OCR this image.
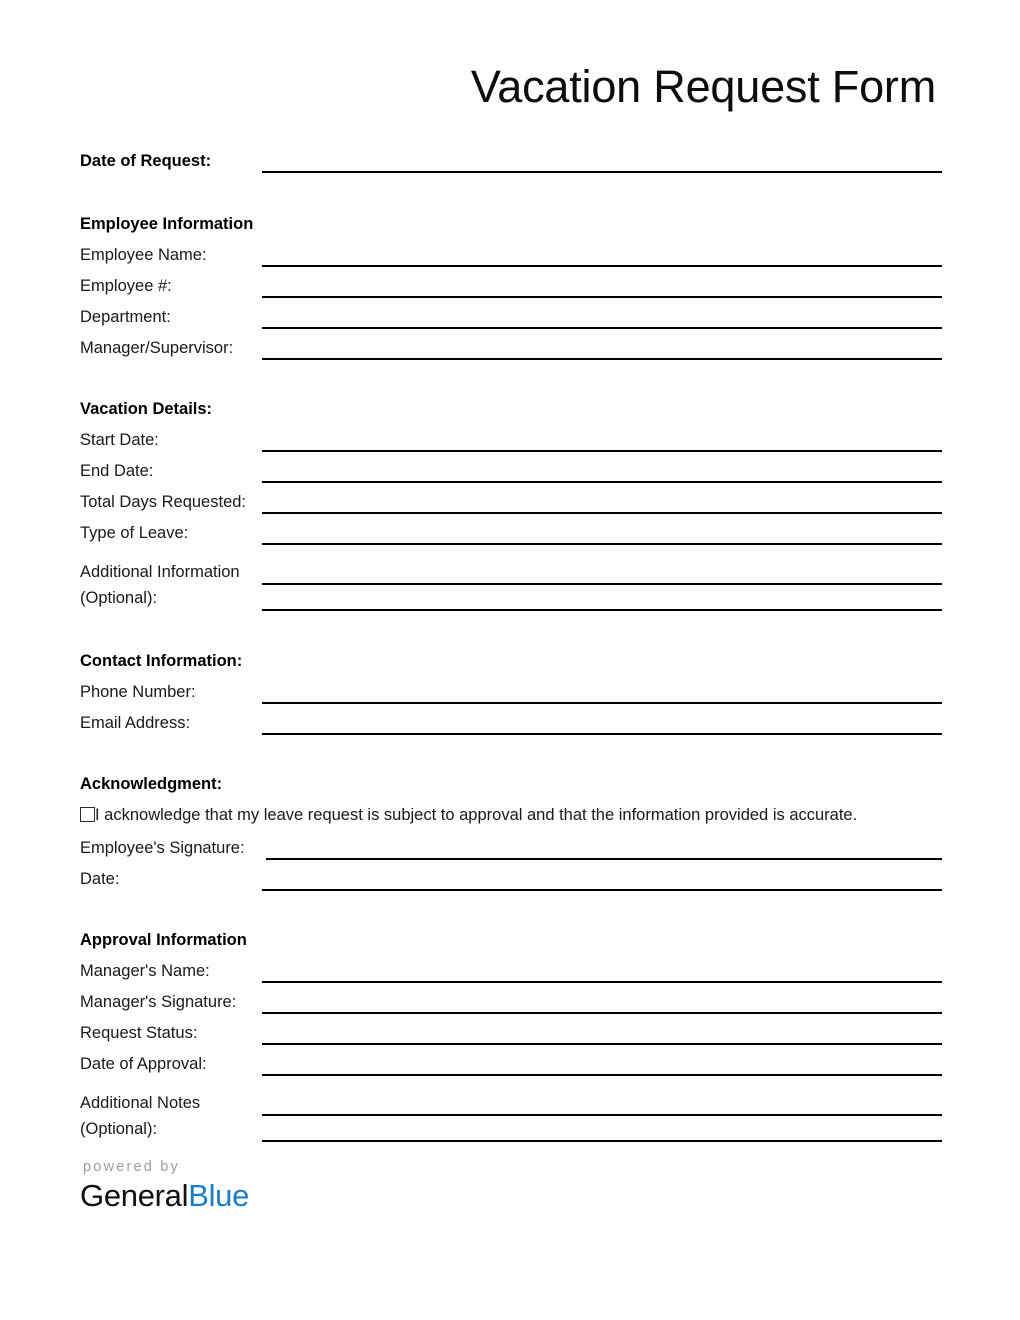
Vacation Request Form
Date of Request:
Employee Information
Employee Name:
Employee #:
Department:
Manager/Supervisor:
Vacation Details:
Start Date:
End Date:
Total Days Requested:
Type of Leave:
Additional Information
(Optional):
Contact Information:
Phone Number:
Email Address:
Acknowledgment:
I acknowledge that my leave request is subject to approval and that the information provided is accurate.
Employee's Signature:
Date:
Approval Information
Manager's Name:
Manager's Signature:
Request Status:
Date of Approval:
Additional Notes
(Optional):
powered by
GeneralBlue
